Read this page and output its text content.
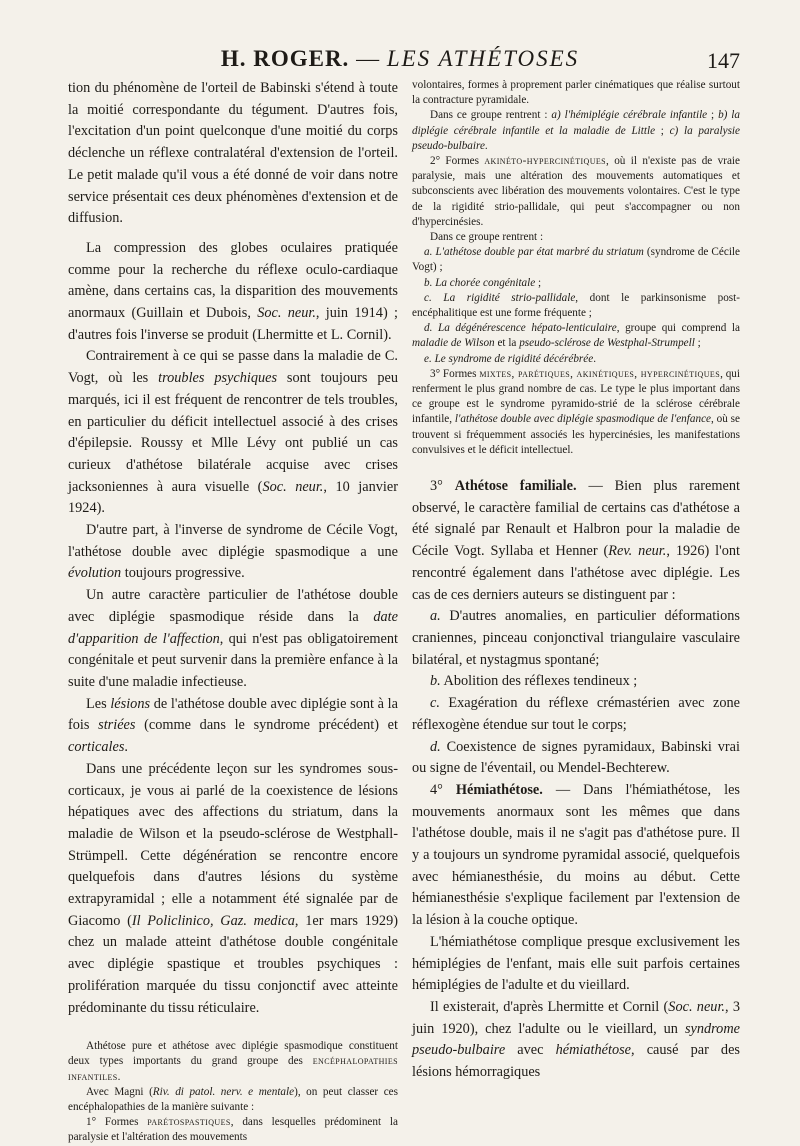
H. ROGER. — LES ATHÉTOSES	147

tion du phénomène de l'orteil de Babinski s'étend à toute la moitié correspondante du tégument. D'autres fois, l'excitation d'un point quelconque d'une moitié du corps déclenche un réflexe contralatéral d'extension de l'orteil. Le petit malade qu'il vous a été donné de voir dans notre service présentait ces deux phénomènes d'extension et de diffusion.

La compression des globes oculaires pratiquée comme pour la recherche du réflexe oculo-cardiaque amène, dans certains cas, la disparition des mouvements anormaux (Guillain et Dubois, Soc. neur., juin 1914) ; d'autres fois l'inverse se produit (Lhermitte et L. Cornil).

Contrairement à ce qui se passe dans la maladie de C. Vogt, où les troubles psychiques sont toujours peu marqués, ici il est fréquent de rencontrer de tels troubles, en particulier du déficit intellectuel associé à des crises d'épilepsie. Roussy et Mlle Lévy ont publié un cas curieux d'athétose bilatérale acquise avec crises jacksoniennes à aura visuelle (Soc. neur., 10 janvier 1924).

D'autre part, à l'inverse de syndrome de Cécile Vogt, l'athétose double avec diplégie spasmodique a une évolution toujours progressive.

Un autre caractère particulier de l'athétose double avec diplégie spasmodique réside dans la date d'apparition de l'affection, qui n'est pas obligatoirement congénitale et peut survenir dans la première enfance à la suite d'une maladie infectieuse.

Les lésions de l'athétose double avec diplégie sont à la fois striées (comme dans le syndrome précédent) et corticales.

Dans une précédente leçon sur les syndromes sous-corticaux, je vous ai parlé de la coexistence de lésions hépatiques avec des affections du striatum, dans la maladie de Wilson et la pseudo-sclérose de Westphall-Strümpell. Cette dégénération se rencontre encore quelquefois dans d'autres lésions du système extrapyramidal ; elle a notamment été signalée par de Giacomo (Il Policlinico, Gaz. medica, 1er mars 1929) chez un malade atteint d'athétose double congénitale avec diplégie spastique et troubles psychiques : prolifération marquée du tissu conjonctif avec atteinte prédominante du tissu réticulaire.

Athétose pure et athétose avec diplégie spasmodique constituent deux types importants du grand groupe des encéphalopathies infantiles.

Avec Magni (Riv. di patol. nerv. e mentale), on peut classer ces encéphalopathies de la manière suivante :

1° Formes parétospastiques, dans lesquelles prédominent la paralysie et l'altération des mouvements

volontaires, formes à proprement parler cinématiques que réalise surtout la contracture pyramidale.

Dans ce groupe rentrent : a) l'hémiplégie cérébrale infantile ; b) la diplégie cérébrale infantile et la maladie de Little ; c) la paralysie pseudo-bulbaire.

2° Formes akinéto-hypercinétiques, où il n'existe pas de vraie paralysie, mais une altération des mouvements automatiques et subconscients avec libération des mouvements volontaires. C'est le type de la rigidité strio-pallidale, qui peut s'accompagner ou non d'hypercinésies.

Dans ce groupe rentrent :

a. L'athétose double par état marbré du striatum (syndrome de Cécile Vogt) ;

b. La chorée congénitale ;

c. La rigidité strio-pallidale, dont le parkinsonisme post-encéphalitique est une forme fréquente ;

d. La dégénérescence hépato-lenticulaire, groupe qui comprend la maladie de Wilson et la pseudo-sclérose de Westphal-Strumpell ;

e. Le syndrome de rigidité décérébrée.

3° Formes mixtes, parétiques, akinétiques, hypercinétiques, qui renferment le plus grand nombre de cas. Le type le plus important dans ce groupe est le syndrome pyramido-strié de la sclérose cérébrale infantile, l'athétose double avec diplégie spasmodique de l'enfance, où se trouvent si fréquemment associés les hypercinésies, les manifestations convulsives et le déficit intellectuel.

3° Athétose familiale. — Bien plus rarement observé, le caractère familial de certains cas d'athétose a été signalé par Renault et Halbron pour la maladie de Cécile Vogt. Syllaba et Henner (Rev. neur., 1926) l'ont rencontré également dans l'athétose avec diplégie. Les cas de ces derniers auteurs se distinguent par :

a. D'autres anomalies, en particulier déformations craniennes, pinceau conjonctival triangulaire vasculaire bilatéral, et nystagmus spontané;

b. Abolition des réflexes tendineux ;

c. Exagération du réflexe crémastérien avec zone réflexogène étendue sur tout le corps;

d. Coexistence de signes pyramidaux, Babinski vrai ou signe de l'éventail, ou Mendel-Bechterew.

4° Hémiathétose. — Dans l'hémiathétose, les mouvements anormaux sont les mêmes que dans l'athétose double, mais il ne s'agit pas d'athétose pure. Il y a toujours un syndrome pyramidal associé, quelquefois avec hémianesthésie, du moins au début. Cette hémianesthésie s'explique facilement par l'extension de la lésion à la couche optique.

L'hémiathétose complique presque exclusivement les hémiplégies de l'enfant, mais elle suit parfois certaines hémiplégies de l'adulte et du vieillard.

Il existerait, d'après Lhermitte et Cornil (Soc. neur., 3 juin 1920), chez l'adulte ou le vieillard, un syndrome pseudo-bulbaire avec hémiathétose, causé par des lésions hémorragiques
